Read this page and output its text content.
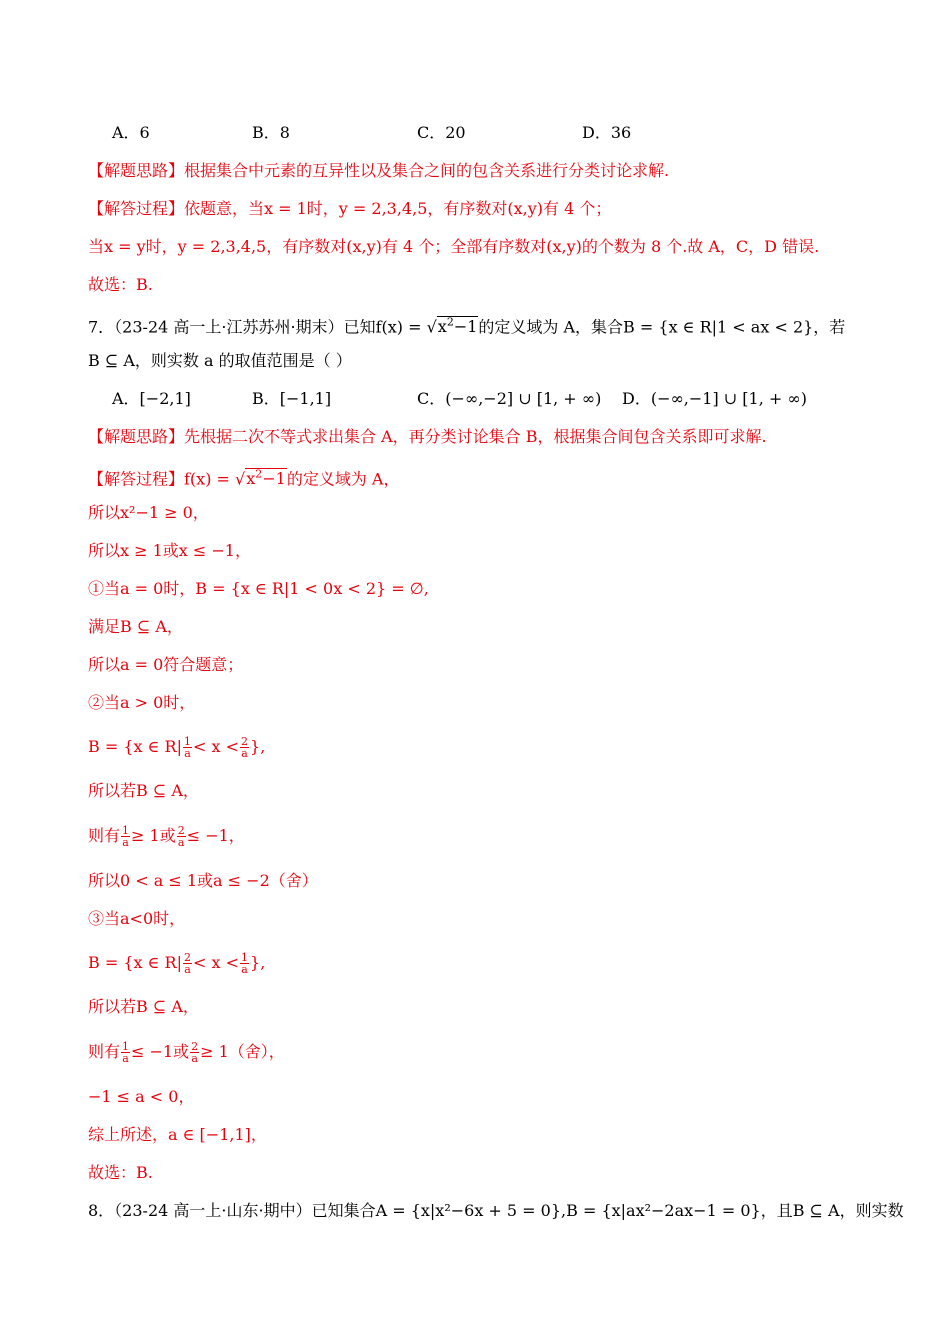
A．6	B．8	C．20	D．36
【解题思路】根据集合中元素的互异性以及集合之间的包含关系进行分类讨论求解.
【解答过程】依题意，当x = 1时，y = 2,3,4,5，有序数对(x,y)有 4 个；
当x = y时，y = 2,3,4,5，有序数对(x,y)有 4 个；全部有序数对(x,y)的个数为 8 个.故 A，C，D 错误.
故选：B.
7．（23-24 高一上·江苏苏州·期末）已知$f(x) = √x^2-1$的定义域为 A，集合B = {x ∈ R|1 < ax < 2}，若
B ⊆ A，则实数 a 的取值范围是（ ）
A．[−2,1]	B．[−1,1]	C．(−∞,−2] ∪ [1, + ∞) D．(−∞,−1] ∪ [1, + ∞)
【解题思路】先根据二次不等式求出集合 A，再分类讨论集合 B，根据集合间包含关系即可求解.
【解答过程】$f(x) = √x^2-1$的定义域为 A，
所以x²−1 ≥ 0，
所以x ≥ 1或x ≤ −1，
①当a = 0时，B = {x ∈ R|1 < 0x < 2} = ∅,
满足B ⊆ A，
所以a = 0符合题意；
②当a > 0时，
B = {x ∈ $R| \frac{1}{a} < x < \frac{2}{a}$ },
所以若B ⊆ A，
则有 $\frac{1}{a} \ge 1$或 $\frac{2}{a} \le -1$，
所以0 < a ≤ 1或a ≤ −2（舍）
③当a<0时，
B = {x ∈ $R| \frac{2}{a} < x < \frac{1}{a}$ },
所以若B ⊆ A，
则有 $\frac{1}{a} \le -1$或 $\frac{2}{a} \ge 1$（舍），
−1 ≤ a < 0，
综上所述，a ∈ [−1,1]，
故选：B.
8．（23-24 高一上·山东·期中）已知集合A = {x|x²−6x + 5 = 0},B = {x|ax²−2ax−1 = 0}，且B ⊆ A，则实数
